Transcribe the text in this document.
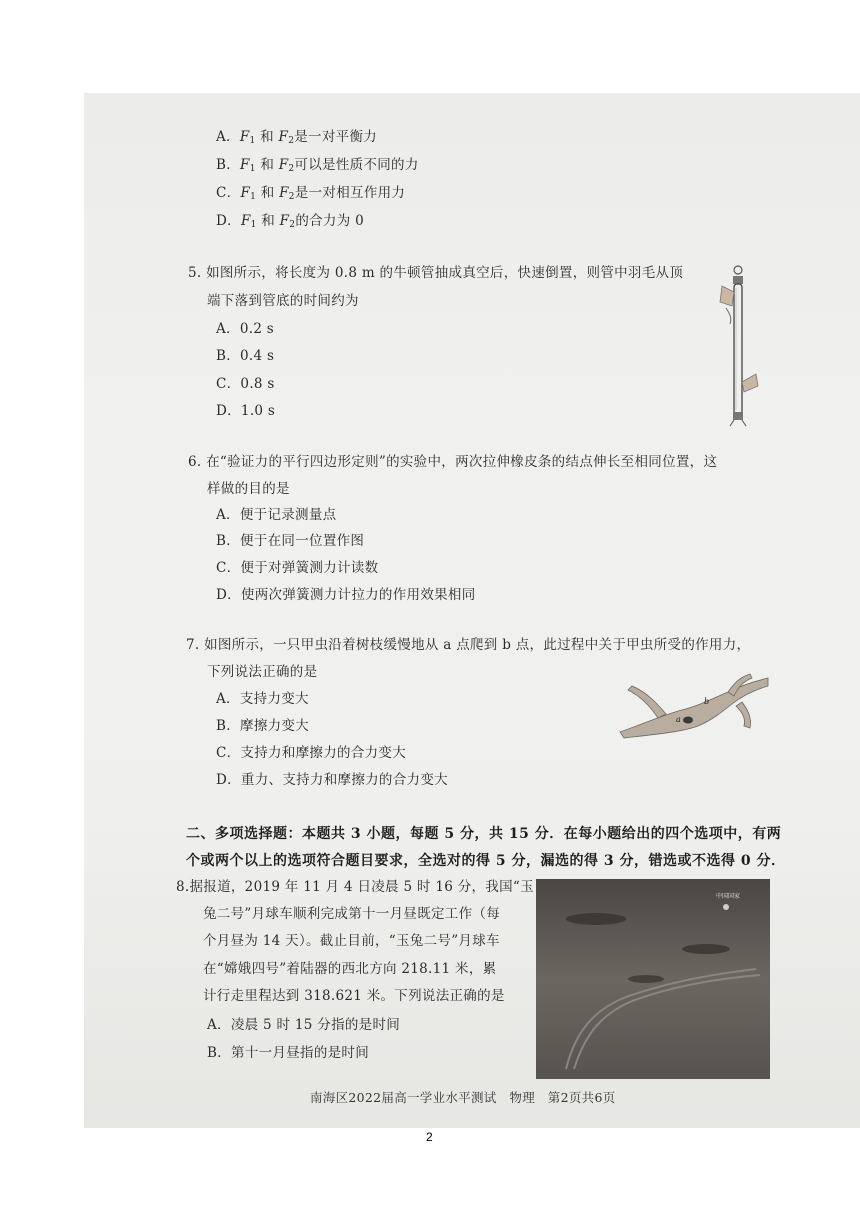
A．$F_1$ 和 $F_2$是一对平衡力
B．$F_1$ 和 $F_2$可以是性质不同的力
C．$F_1$ 和 $F_2$是一对相互作用力
D．$F_1$ 和 $F_2$的合力为 0
5. 如图所示，将长度为 0.8 m 的牛顿管抽成真空后，快速倒置，则管中羽毛从顶
端下落到管底的时间约为
A．0.2 s
B．0.4 s
C．0.8 s
D．1.0 s
6. 在“验证力的平行四边形定则”的实验中，两次拉伸橡皮条的结点伸长至相同位置，这
样做的目的是
A．便于记录测量点
B．便于在同一位置作图
C．便于对弹簧测力计读数
D．使两次弹簧测力计拉力的作用效果相同
7. 如图所示，一只甲虫沿着树枝缓慢地从 a 点爬到 b 点，此过程中关于甲虫所受的作用力，
下列说法正确的是
A．支持力变大
B．摩擦力变大
C．支持力和摩擦力的合力变大
D．重力、支持力和摩擦力的合力变大
a
b
二、多项选择题：本题共 3 小题，每题 5 分，共 15 分．在每小题给出的四个选项中，有两
个或两个以上的选项符合题目要求，全选对的得 5 分，漏选的得 3 分，错选或不选得 0 分．
8.据报道，2019 年 11 月 4 日凌晨 5 时 16 分，我国“玉
兔二号”月球车顺利完成第十一月昼既定工作（每
个月昼为 14 天）。截止目前，“玉兔二号”月球车
在“嫦娥四号”着陆器的西北方向 218.11 米，累
计行走里程达到 318.621 米。下列说法正确的是
A．凌晨 5 时 15 分指的是时间
B．第十一月昼指的是时间
中国国家
南海区2022届高一学业水平测试　物理　第2页共6页
2
